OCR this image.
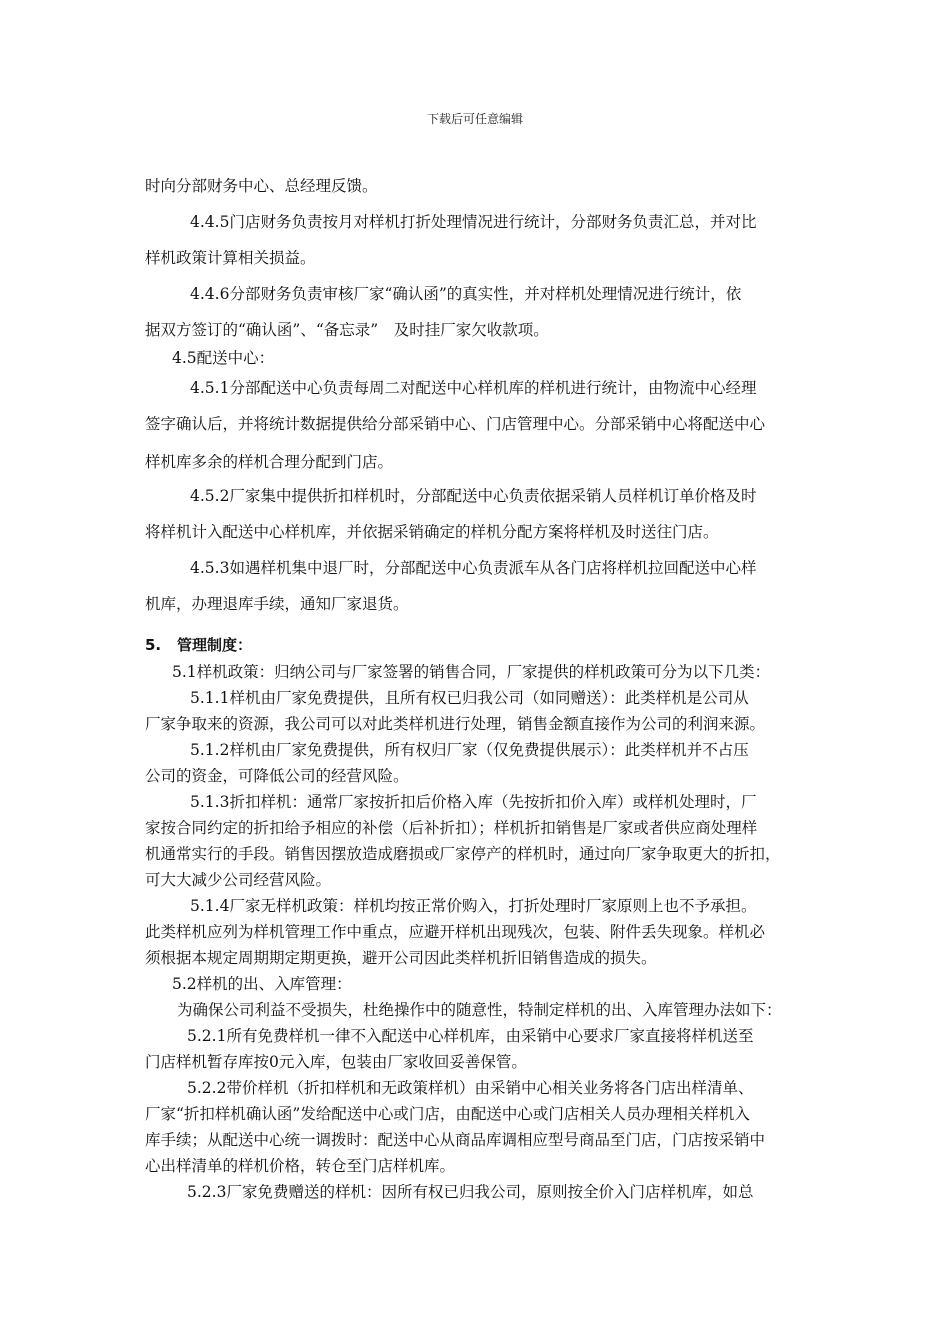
下载后可任意编辑
时向分部财务中心、总经理反馈。
4.4.5门店财务负责按月对样机打折处理情况进行统计，分部财务负责汇总，并对比
样机政策计算相关损益。
4.4.6分部财务负责审核厂家“确认函”的真实性，并对样机处理情况进行统计，依
据双方签订的“确认函”、“备忘录”　及时挂厂家欠收款项。
4.5配送中心：
4.5.1分部配送中心负责每周二对配送中心样机库的样机进行统计，由物流中心经理
签字确认后，并将统计数据提供给分部采销中心、门店管理中心。分部采销中心将配送中心
样机库多余的样机合理分配到门店。
4.5.2厂家集中提供折扣样机时，分部配送中心负责依据采销人员样机订单价格及时
将样机计入配送中心样机库，并依据采销确定的样机分配方案将样机及时送往门店。
4.5.3如遇样机集中退厂时，分部配送中心负责派车从各门店将样机拉回配送中心样
机库，办理退库手续，通知厂家退货。
5. 管理制度：
5.1样机政策：归纳公司与厂家签署的销售合同，厂家提供的样机政策可分为以下几类：
5.1.1样机由厂家免费提供，且所有权已归我公司（如同赠送）：此类样机是公司从
厂家争取来的资源，我公司可以对此类样机进行处理，销售金额直接作为公司的利润来源。
5.1.2样机由厂家免费提供，所有权归厂家（仅免费提供展示）：此类样机并不占压
公司的资金，可降低公司的经营风险。
5.1.3折扣样机：通常厂家按折扣后价格入库（先按折扣价入库）或样机处理时，厂
家按合同约定的折扣给予相应的补偿（后补折扣）；样机折扣销售是厂家或者供应商处理样
机通常实行的手段。销售因摆放造成磨损或厂家停产的样机时，通过向厂家争取更大的折扣，
可大大减少公司经营风险。
5.1.4厂家无样机政策：样机均按正常价购入，打折处理时厂家原则上也不予承担。
此类样机应列为样机管理工作中重点，应避开样机出现残次，包装、附件丢失现象。样机必
须根据本规定周期期定期更换，避开公司因此类样机折旧销售造成的损失。
5.2样机的出、入库管理：
为确保公司利益不受损失，杜绝操作中的随意性，特制定样机的出、入库管理办法如下：
5.2.1所有免费样机一律不入配送中心样机库，由采销中心要求厂家直接将样机送至
门店样机暂存库按0元入库，包装由厂家收回妥善保管。
5.2.2带价样机（折扣样机和无政策样机）由采销中心相关业务将各门店出样清单、
厂家“折扣样机确认函”发给配送中心或门店，由配送中心或门店相关人员办理相关样机入
库手续；从配送中心统一调拨时：配送中心从商品库调相应型号商品至门店，门店按采销中
心出样清单的样机价格，转仓至门店样机库。
5.2.3厂家免费赠送的样机：因所有权已归我公司，原则按全价入门店样机库，如总
